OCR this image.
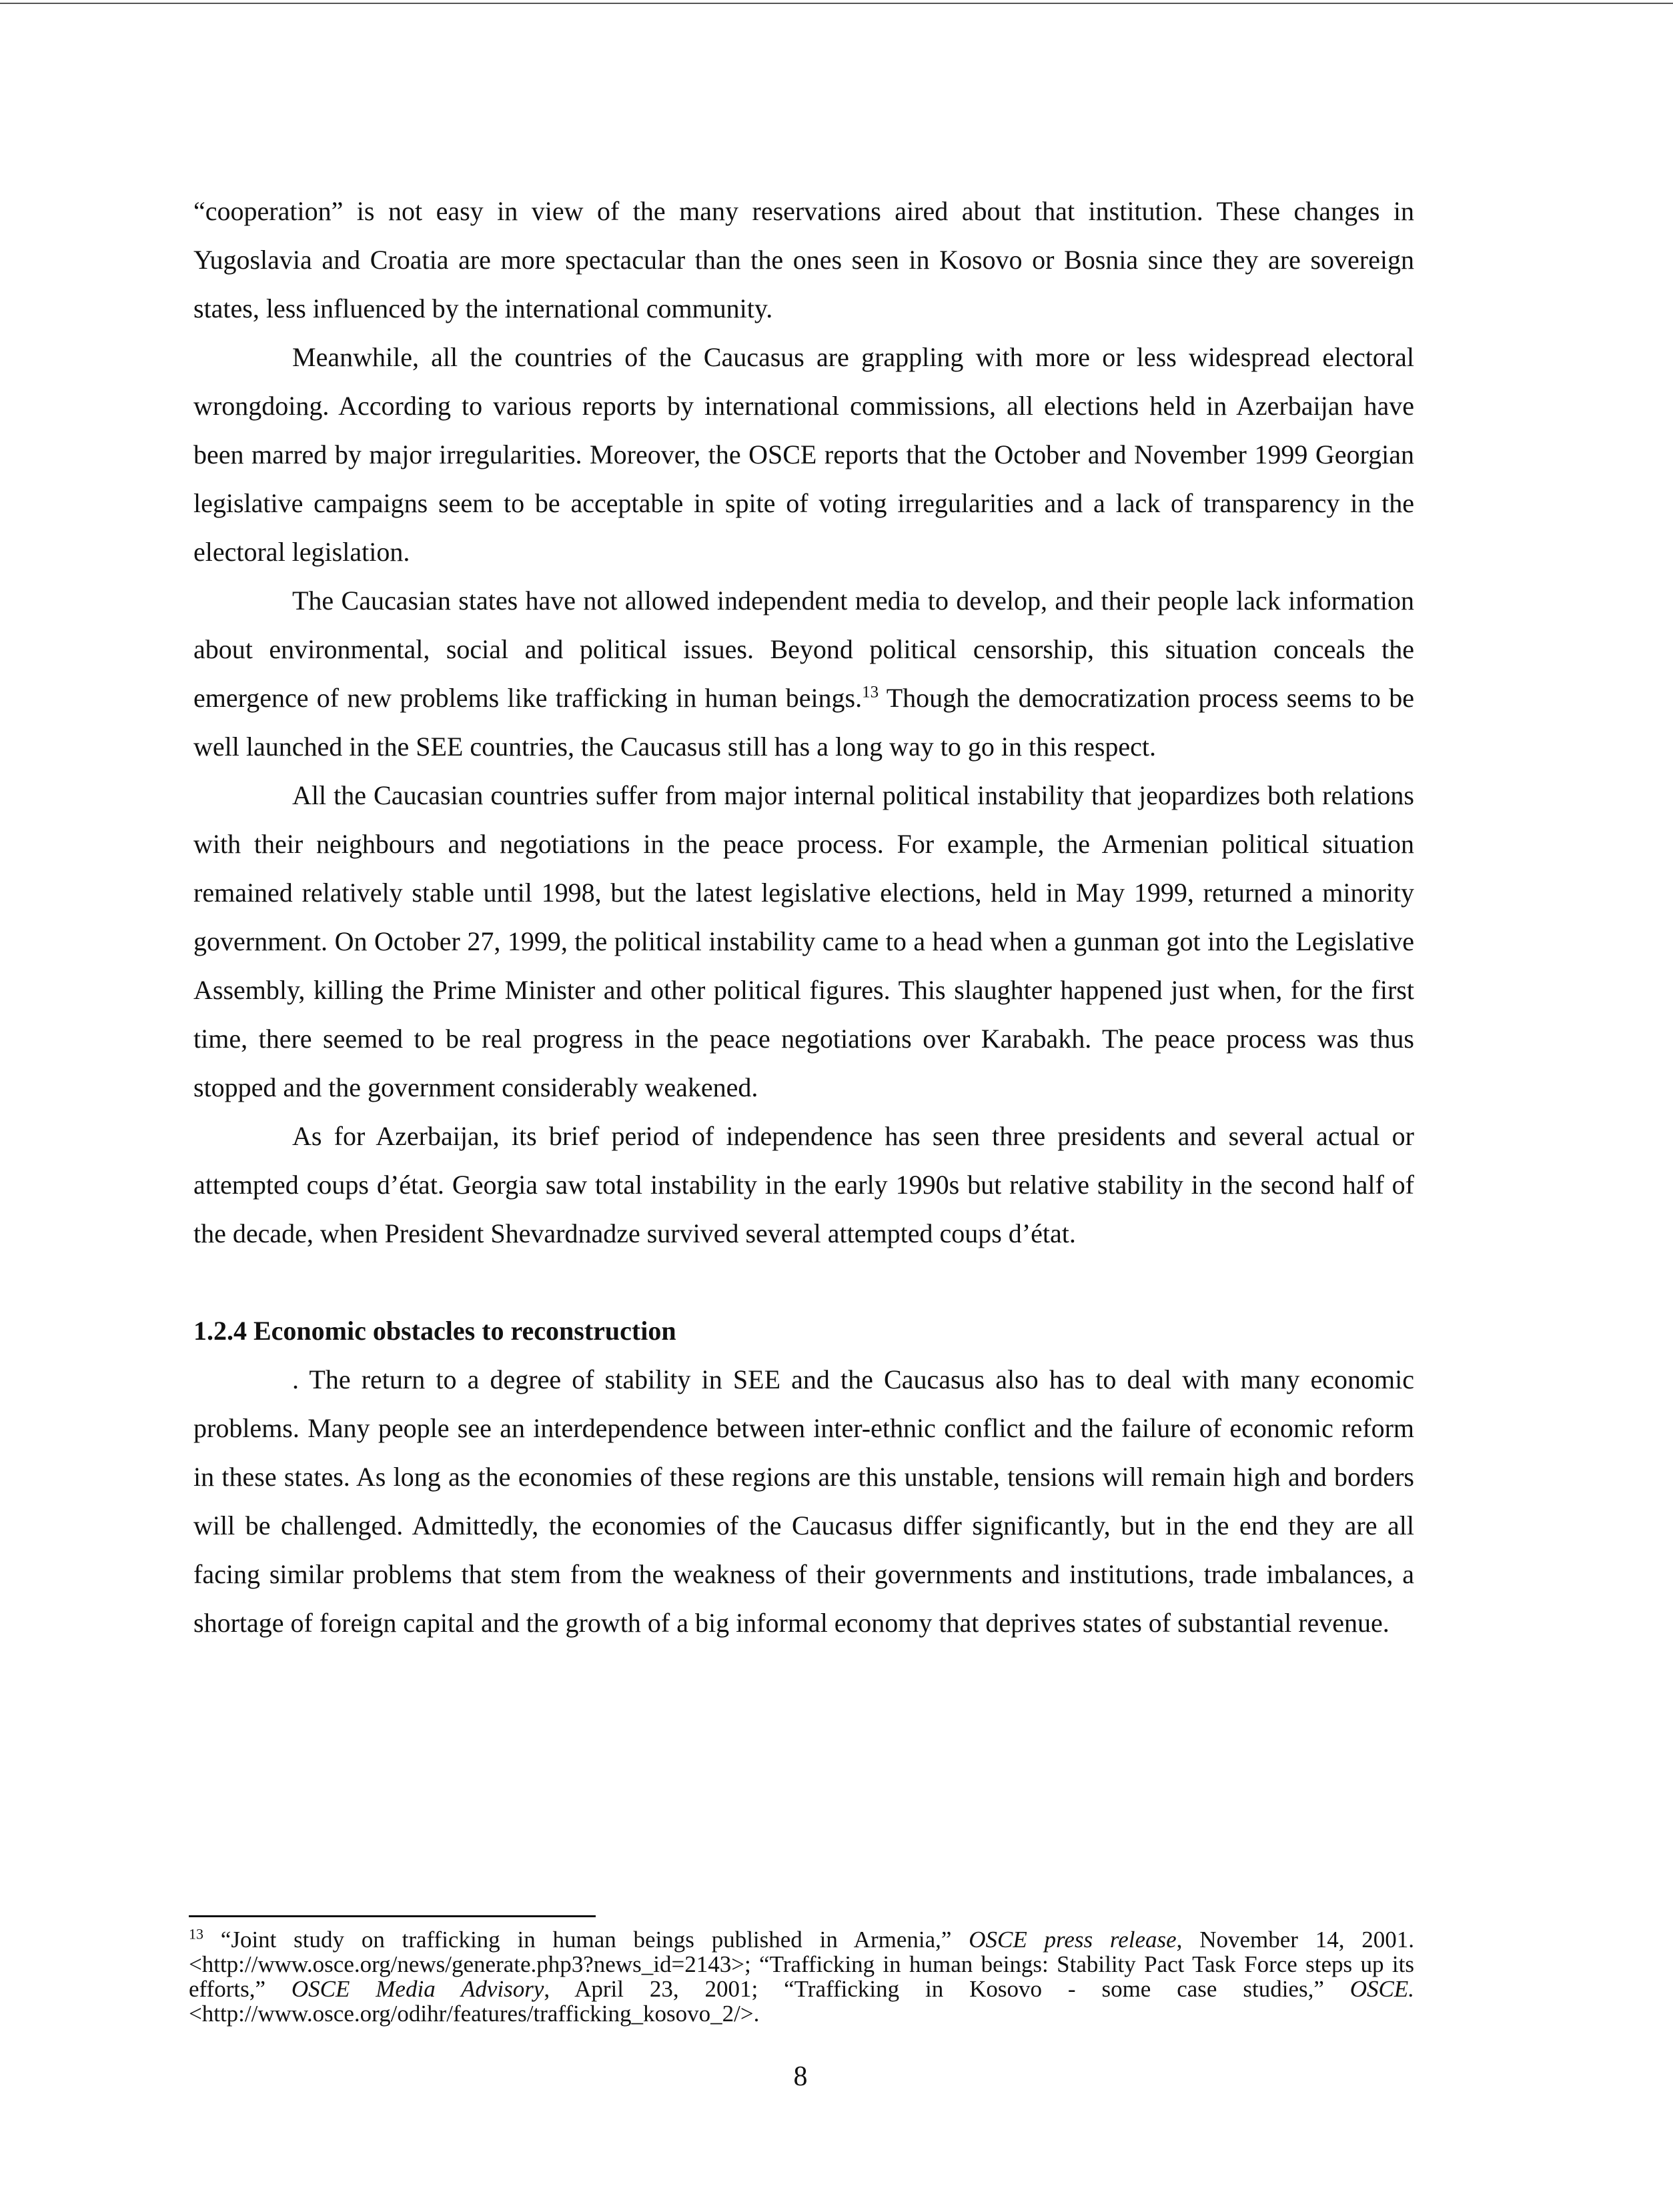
“cooperation” is not easy in view of the many reservations aired about that institution. These changes in Yugoslavia and Croatia are more spectacular than the ones seen in Kosovo or Bosnia since they are sovereign states, less influenced by the international community.

Meanwhile, all the countries of the Caucasus are grappling with more or less widespread electoral wrongdoing. According to various reports by international commissions, all elections held in Azerbaijan have been marred by major irregularities. Moreover, the OSCE reports that the October and November 1999 Georgian legislative campaigns seem to be acceptable in spite of voting irregularities and a lack of transparency in the electoral legislation.

The Caucasian states have not allowed independent media to develop, and their people lack information about environmental, social and political issues. Beyond political censorship, this situation conceals the emergence of new problems like trafficking in human beings.$^{13}$ Though the democratization process seems to be well launched in the SEE countries, the Caucasus still has a long way to go in this respect.

All the Caucasian countries suffer from major internal political instability that jeopardizes both relations with their neighbours and negotiations in the peace process. For example, the Armenian political situation remained relatively stable until 1998, but the latest legislative elections, held in May 1999, returned a minority government. On October 27, 1999, the political instability came to a head when a gunman got into the Legislative Assembly, killing the Prime Minister and other political figures. This slaughter happened just when, for the first time, there seemed to be real progress in the peace negotiations over Karabakh. The peace process was thus stopped and the government considerably weakened.

As for Azerbaijan, its brief period of independence has seen three presidents and several actual or attempted coups d’état. Georgia saw total instability in the early 1990s but relative stability in the second half of the decade, when President Shevardnadze survived several attempted coups d’état.

1.2.4 Economic obstacles to reconstruction

. The return to a degree of stability in SEE and the Caucasus also has to deal with many economic problems. Many people see an interdependence between inter-ethnic conflict and the failure of economic reform in these states. As long as the economies of these regions are this unstable, tensions will remain high and borders will be challenged. Admittedly, the economies of the Caucasus differ significantly, but in the end they are all facing similar problems that stem from the weakness of their governments and institutions, trade imbalances, a shortage of foreign capital and the growth of a big informal economy that deprives states of substantial revenue.

$^{13}$ “Joint study on trafficking in human beings published in Armenia,” OSCE press release, November 14, 2001. <http://www.osce.org/news/generate.php3?news_id=2143>; “Trafficking in human beings: Stability Pact Task Force steps up its efforts,” OSCE Media Advisory, April 23, 2001; “Trafficking in Kosovo - some case studies,” OSCE. <http://www.osce.org/odihr/features/trafficking_kosovo_2/>.

8
